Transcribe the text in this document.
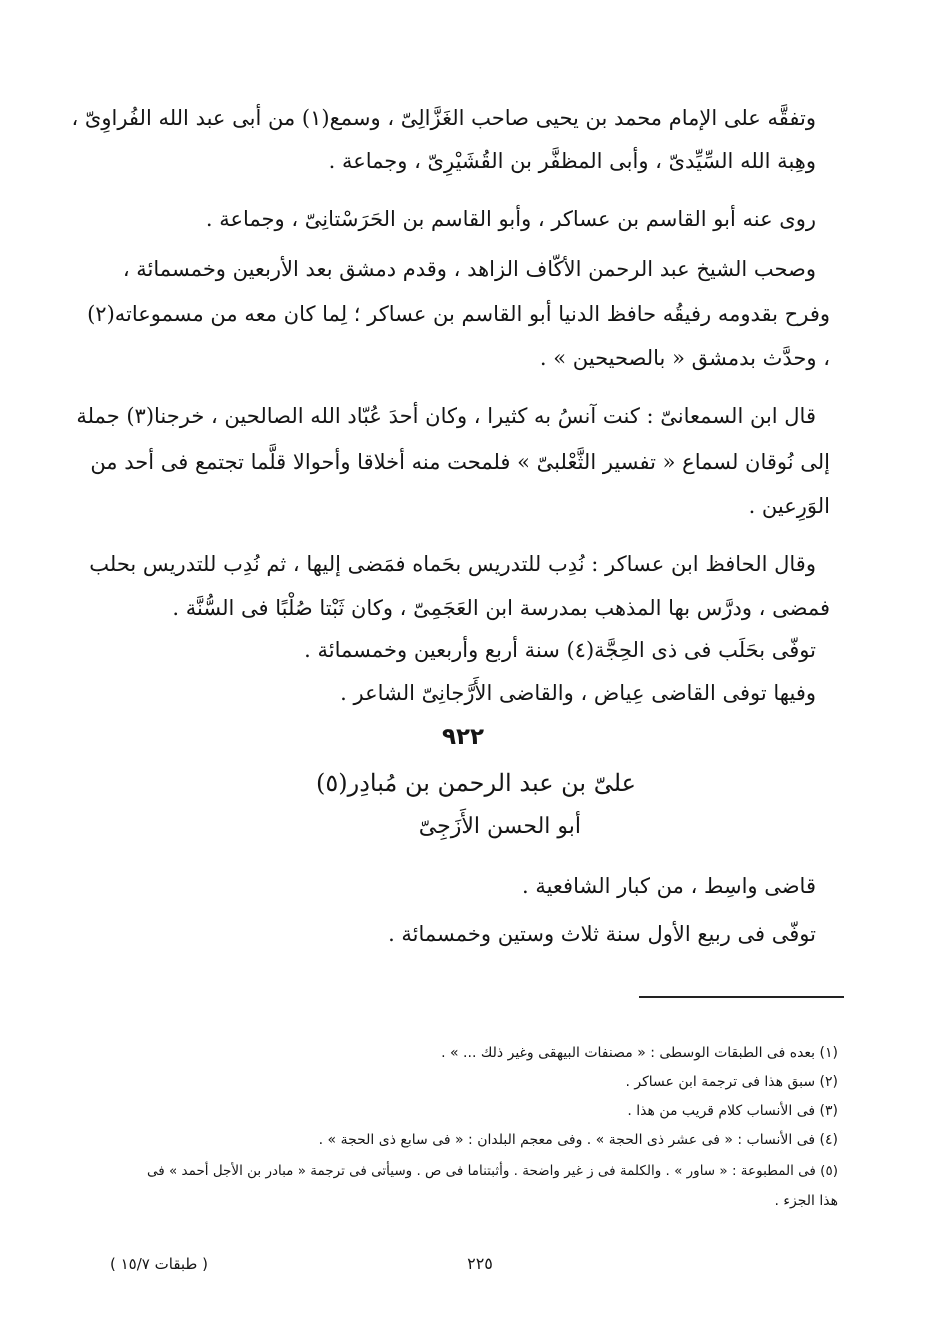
وتفقَّه على الإمام محمد بن يحيى صاحب الغَزَّالِىّ ، وسمع(١) من أبى عبد الله الفُراوِىّ ،
وهِبة الله السِّيِّدىّ ، وأبى المظفَّر بن القُشَيْرِىّ ، وجماعة .
روى عنه أبو القاسم بن عساكر ، وأبو القاسم بن الحَرَسْتانِىّ ، وجماعة .
وصحب الشيخ عبد الرحمن الأكّاف الزاهد ، وقدم دمشق بعد الأربعين وخمسمائة ،
وفرح بقدومه رفيقُه حافظ الدنيا أبو القاسم بن عساكر ؛ لِما كان معه من مسموعاته(٢)
، وحدَّث بدمشق « بالصحيحين » .
قال ابن السمعانىّ : كنت آنسُ به كثيرا ، وكان أحدَ عُبّاد الله الصالحين ، خرجنا(٣) جملة
إلى نُوقان لسماع « تفسير الثَّعْلبىّ » فلمحت منه أخلاقا وأحوالا قلَّما تجتمع فى أحد من
الوَرِعين .
وقال الحافظ ابن عساكر : نُدِب للتدريس بحَماه فمَضى إليها ، ثم نُدِب للتدريس بحلب
فمضى ، ودرَّس بها المذهب بمدرسة ابن العَجَمِىّ ، وكان ثَبْتا صُلْبًا فى السُّنَّة .
توفّى بحَلَب فى ذى الحِجَّة(٤) سنة أربع وأربعين وخمسمائة .
وفيها توفى القاضى عِياض ، والقاضى الأَرَّجانِىّ الشاعر .
٩٢٢
علىّ بن عبد الرحمن بن مُبادِر(٥)
أبو الحسن الأَزَجِىّ
قاضى واسِط ، من كبار الشافعية .
توفّى فى ربيع الأول سنة ثلاث وستين وخمسمائة .
(١) بعده فى الطبقات الوسطى : « مصنفات البيهقى وغير ذلك ... » .
(٢) سبق هذا فى ترجمة ابن عساكر .
(٣) فى الأنساب كلام قريب من هذا .
(٤) فى الأنساب : « فى عشر ذى الحجة » . وفى معجم البلدان : « فى سابع ذى الحجة » .
(٥) فى المطبوعة : « ساور » . والكلمة فى ز غير واضحة . وأثبتناما فى ص . وسيأتى فى ترجمة « مبادر بن الأجل أحمد » فى
هذا الجزء .
٢٢٥
( طبقات ١٥/٧ )
